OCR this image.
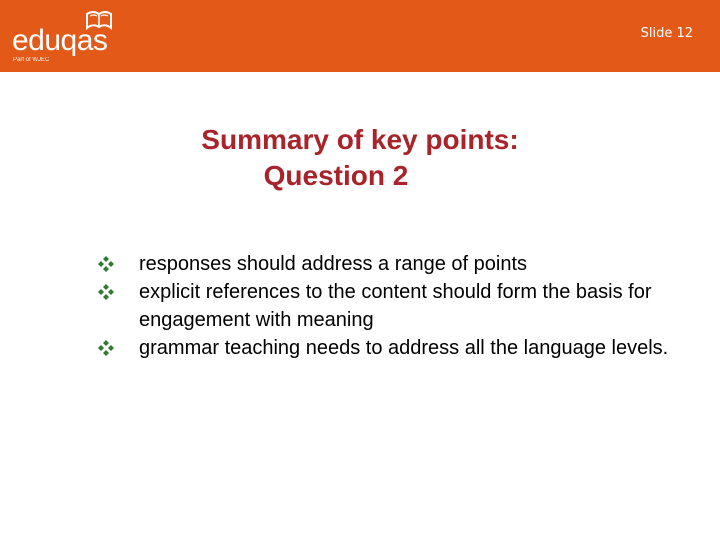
eduqas
Part of WJEC
Slide 12
Summary of key points:
Question 2
responses should address a range of points
explicit references to the content should form the basis for engagement with meaning
grammar teaching needs to address all the language levels.
